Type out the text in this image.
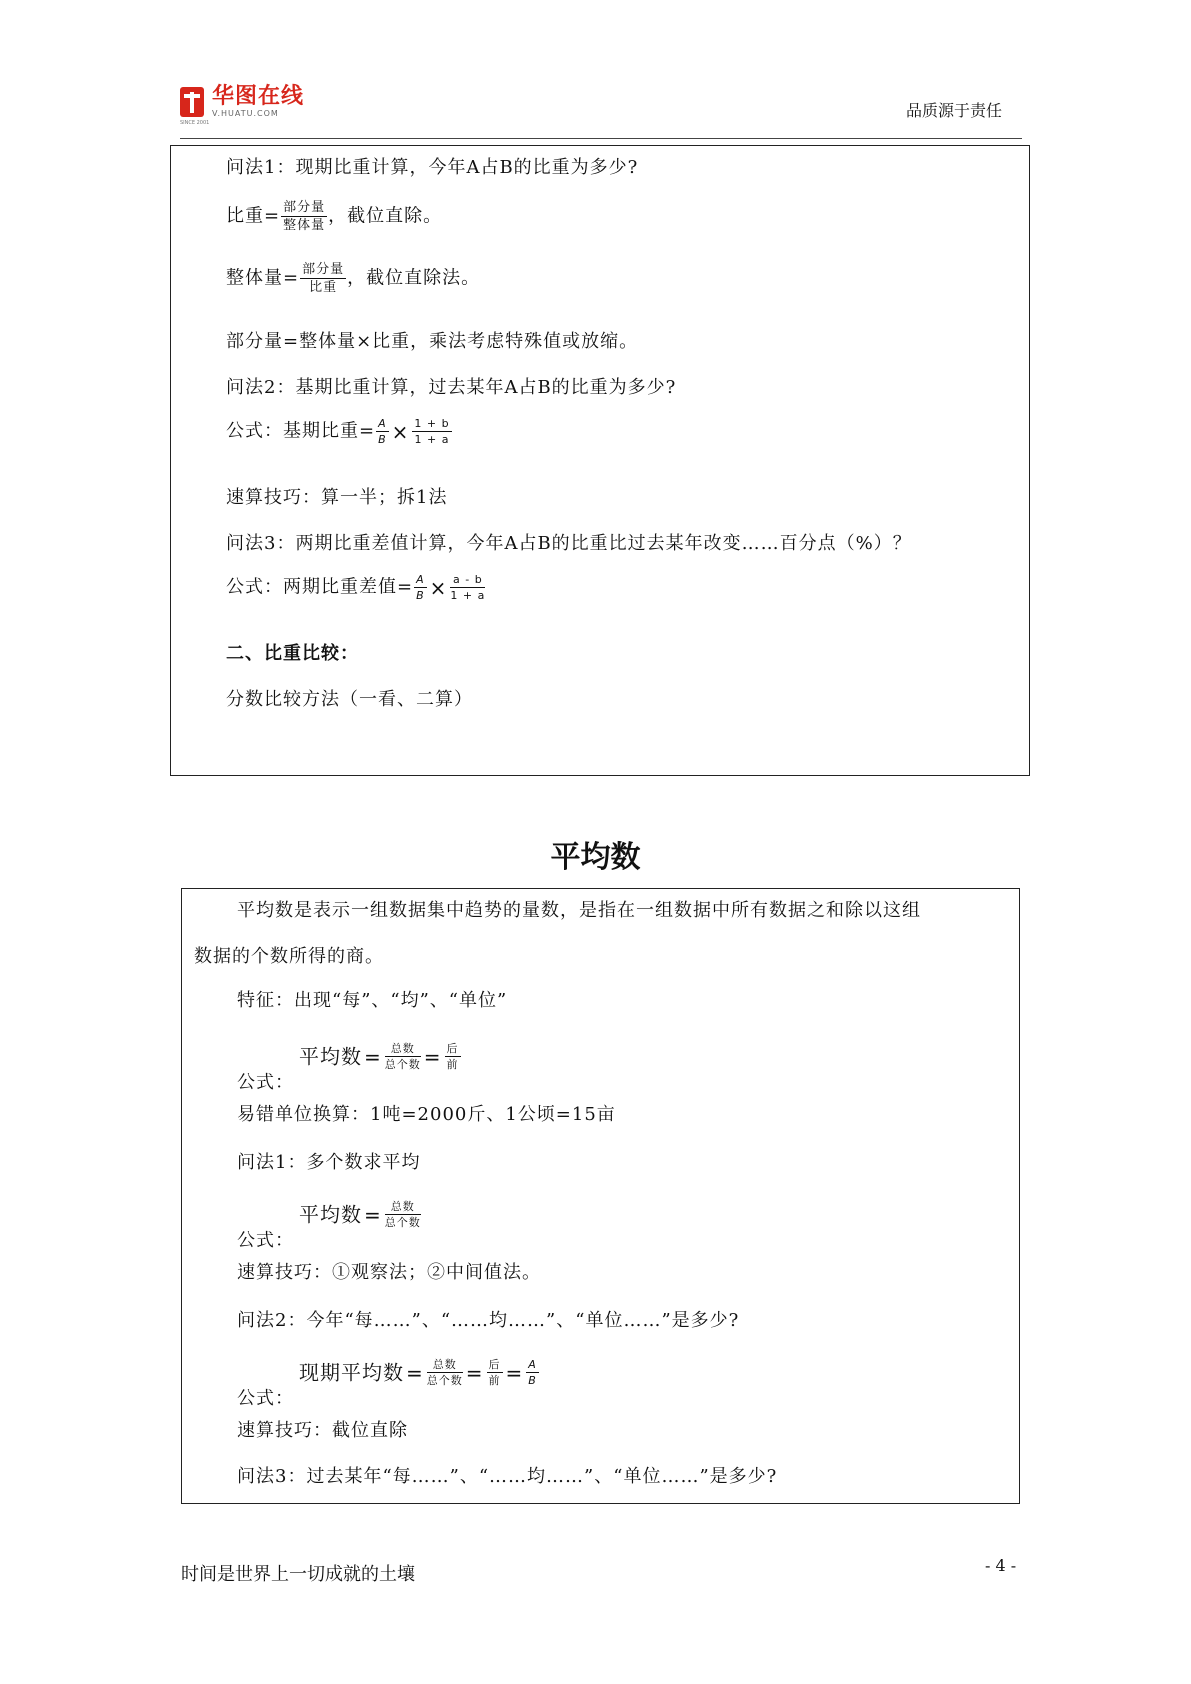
华图在线
V.HUATU.COM
SINCE 2001
品质源于责任
问法1：现期比重计算，今年A占B的比重为多少?
比重= $\frac{\text{部分量}}{\text{整体量}}$ ，截位直除。
整体量= $\frac{\text{部分量}}{\text{比重}}$ ，截位直除法。
部分量=整体量×比重，乘法考虑特殊值或放缩。
问法2：基期比重计算，过去某年A占B的比重为多少?
公式：基期比重= $\frac{A}{B} \times \frac{1 + b}{1 + a}$
速算技巧：算一半；拆1法
问法3：两期比重差值计算，今年A占B的比重比过去某年改变……百分点（%）？
公式：两期比重差值= $\frac{A}{B} \times \frac{a - b}{1 + a}$
二、比重比较：
分数比较方法（一看、二算）
平均数
平均数是表示一组数据集中趋势的量数，是指在一组数据中所有数据之和除以这组
数据的个数所得的商。
特征：出现“每”、“均”、“单位”
公式：
平均数 = $\frac{\text{总数}}{\text{总个数}} = \frac{\text{后}}{\text{前}}$
易错单位换算：1吨=2000斤、1公顷=15亩
问法1：多个数求平均
公式：
平均数 = $\frac{\text{总数}}{\text{总个数}}$
速算技巧：①观察法；②中间值法。
问法2：今年“每……”、“……均……”、“单位……”是多少?
公式：
现期平均数 = $\frac{\text{总数}}{\text{总个数}} = \frac{\text{后}}{\text{前}} = \frac{A}{B}$
速算技巧：截位直除
问法3：过去某年“每……”、“……均……”、“单位……”是多少?
时间是世界上一切成就的土壤	- 4 -
